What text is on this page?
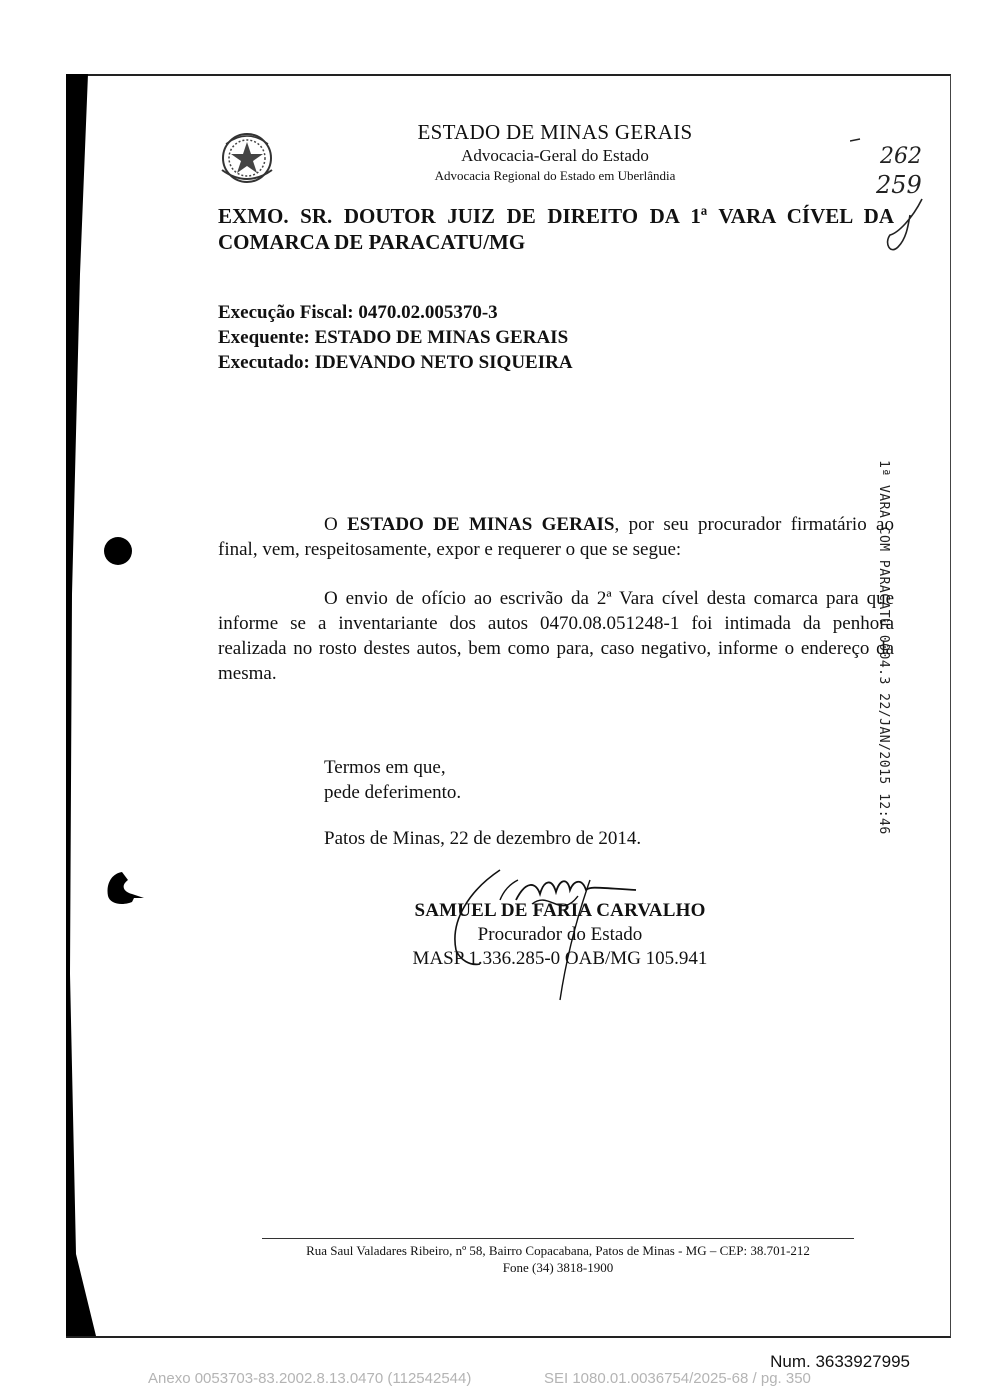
ESTADO DE MINAS GERAIS
Advocacia-Geral do Estado
Advocacia Regional do Estado em Uberlândia
262
259
EXMO. SR. DOUTOR JUIZ DE DIREITO DA 1ª VARA CÍVEL DA COMARCA DE PARACATU/MG
Execução Fiscal: 0470.02.005370-3
Exequente: ESTADO DE MINAS GERAIS
Executado: IDEVANDO NETO SIQUEIRA
1ª VARA COM PARACATU 0004.3 22/JAN/2015 12:46
O ESTADO DE MINAS GERAIS, por seu procurador firmatário ao final, vem, respeitosamente, expor e requerer o que se segue:
O envio de ofício ao escrivão da 2ª Vara cível desta comarca para que informe se a inventariante dos autos 0470.08.051248-1 foi intimada da penhora realizada no rosto destes autos, bem como para, caso negativo, informe o endereço da mesma.
Termos em que,
pede deferimento.
Patos de Minas, 22 de dezembro de 2014.
SAMUEL DE FARIA CARVALHO
Procurador do Estado
MASP 1.336.285-0 OAB/MG 105.941
Rua Saul Valadares Ribeiro, nº 58, Bairro Copacabana, Patos de Minas - MG – CEP: 38.701-212
Fone (34) 3818-1900
Num. 3633927995
Anexo 0053703-83.2002.8.13.0470 (112542544)	SEI 1080.01.0036754/2025-68 / pg. 350
